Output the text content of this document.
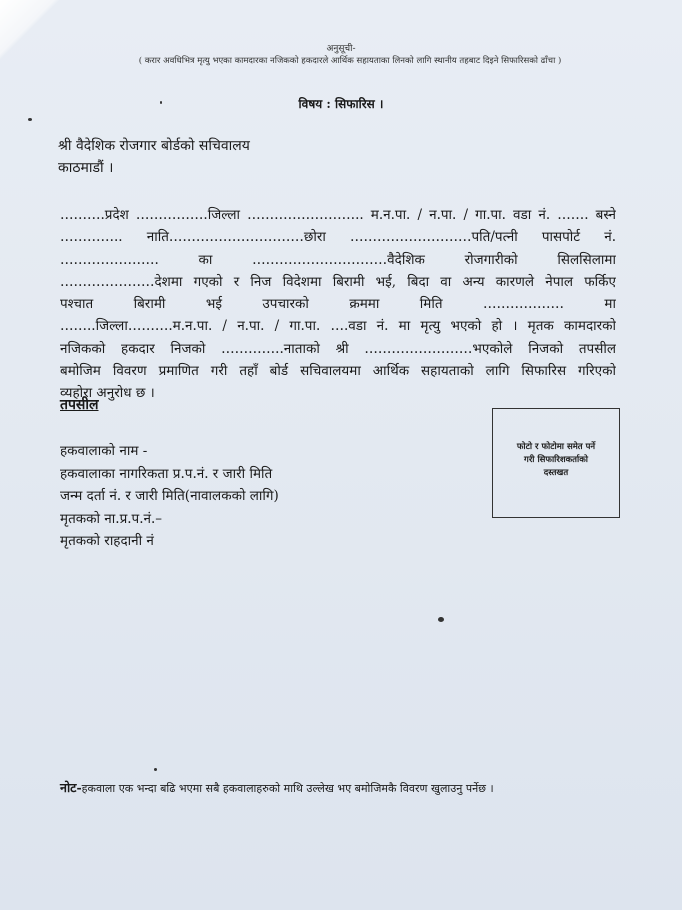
अनुसूची-
( करार अवधिभित्र मृत्यु भएका कामदारका नजिकको हकदारले आर्थिक सहायताका लिनको लागि स्थानीय तहबाट दिइने सिफारिसको ढाँचा )
विषय : सिफारिस ।
श्री वैदेशिक रोजगार बोर्डको सचिवालय
काठमाडौं ।
……….प्रदेश …………….जिल्ला …………………….. म.न.पा. / न.पा. / गा.पा. वडा नं. ……. बस्ने
………….. नाति…………………………छोरा ………………………पति/पत्नी पासपोर्ट नं.
…………………. का …………………………वैदेशिक रोजगारीको सिलसिलामा
…………………देशमा गएको र निज विदेशमा बिरामी भई, बिदा वा अन्य कारणले नेपाल फर्किए
पश्चात बिरामी भई उपचारको क्रममा मिति ……………… मा
……..जिल्ला……….म.न.पा. / न.पा. / गा.पा. ….वडा नं. मा मृत्यु भएको हो । मृतक कामदारको
नजिकको हकदार निजको …………..नाताको श्री ……………………भएकोले निजको तपसील
बमोजिम विवरण प्रमाणित गरी तहाँ बोर्ड सचिवालयमा आर्थिक सहायताको लागि सिफारिस गरिएको
व्यहोरा अनुरोध छ ।
तपसील
हकवालाको नाम -
हकवालाका नागरिकता प्र.प.नं. र जारी मिति
जन्म दर्ता नं. र जारी मिति(नावालकको लागि)
मृतकको ना.प्र.प.नं.–
मृतकको राहदानी नं
फोटो र फोटोमा समेत पर्ने
गरी सिफारिशकर्ताको
दस्तखत
नोट-हकवाला एक भन्दा बढि भएमा सबै हकवालाहरुको माथि उल्लेख भए बमोजिमकै विवरण खुलाउनु पर्नेछ ।
